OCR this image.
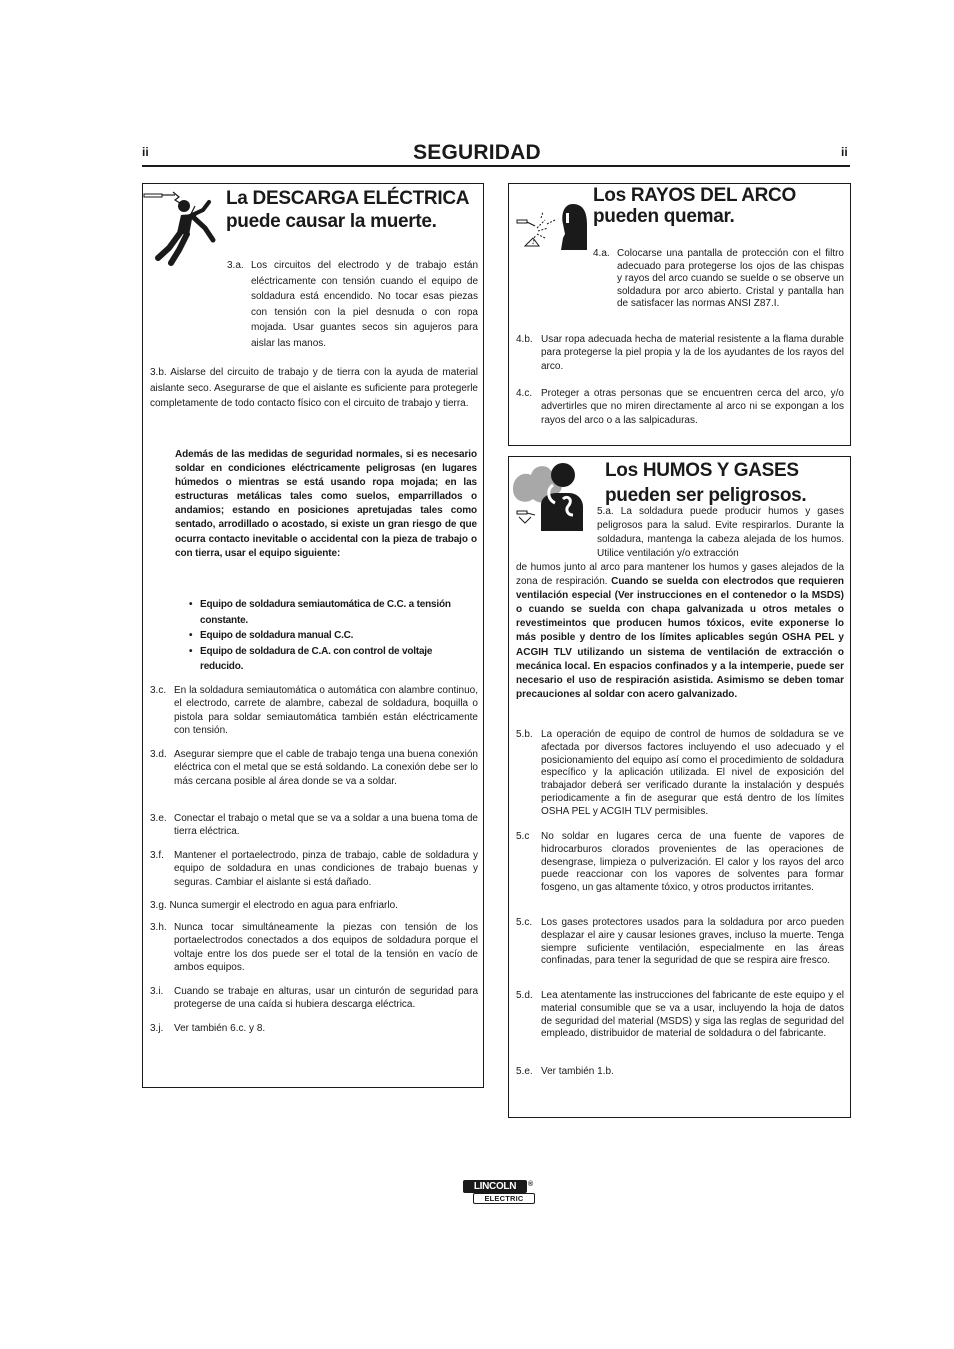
ii	ii
SEGURIDAD
La DESCARGA ELÉCTRICA
puede causar la muerte.
3.a. Los circuitos del electrodo y de trabajo están eléctricamente con tensión cuando el equipo de soldadura está encendido. No tocar esas piezas con tensión con la piel desnuda o con ropa mojada. Usar guantes secos sin agujeros para aislar las manos.
3.b. Aislarse del circuito de trabajo y de tierra con la ayuda de material aislante seco. Asegurarse de que el aislante es suficiente para protegerle completamente de todo contacto físico con el circuito de trabajo y tierra.
Además de las medidas de seguridad normales, si es necesario soldar en condiciones eléctricamente peligrosas (en lugares húmedos o mientras se está usando ropa mojada; en las estructuras metálicas tales como suelos, emparrillados o andamios; estando en posiciones apretujadas tales como sentado, arrodillado o acostado, si existe un gran riesgo de que ocurra contacto inevitable o accidental con la pieza de trabajo o con tierra, usar el equipo siguiente:
• Equipo de soldadura semiautomática de C.C. a tensión constante.
• Equipo de soldadura manual C.C.
• Equipo de soldadura de C.A. con control de voltaje reducido.
3.c. En la soldadura semiautomática o automática con alambre continuo, el electrodo, carrete de alambre, cabezal de soldadura, boquilla o pistola para soldar semiautomática también están eléctricamente con tensión.
3.d. Asegurar siempre que el cable de trabajo tenga una buena conexión eléctrica con el metal que se está soldando. La conexión debe ser lo más cercana posible al área donde se va a soldar.
3.e. Conectar el trabajo o metal que se va a soldar a una buena toma de tierra eléctrica.
3.f. Mantener el portaelectrodo, pinza de trabajo, cable de soldadura y equipo de soldadura en unas condiciones de trabajo buenas y seguras. Cambiar el aislante si está dañado.
3.g. Nunca sumergir el electrodo en agua para enfriarlo.
3.h. Nunca tocar simultáneamente la piezas con tensión de los portaelectrodos conectados a dos equipos de soldadura porque el voltaje entre los dos puede ser el total de la tensión en vacío de ambos equipos.
3.i. Cuando se trabaje en alturas, usar un cinturón de seguridad para protegerse de una caída si hubiera descarga eléctrica.
3.j. Ver también 6.c. y 8.
Los RAYOS DEL ARCO
pueden quemar.
4.a. Colocarse una pantalla de protección con el filtro adecuado para protegerse los ojos de las chispas y rayos del arco cuando se suelde o se observe un soldadura por arco abierto. Cristal y pantalla han de satisfacer las normas ANSI Z87.I.
4.b. Usar ropa adecuada hecha de material resistente a la flama durable para protegerse la piel propia y la de los ayudantes de los rayos del arco.
4.c. Proteger a otras personas que se encuentren cerca del arco, y/o advertirles que no miren directamente al arco ni se expongan a los rayos del arco o a las salpicaduras.
Los HUMOS Y GASES
pueden ser peligrosos.
5.a. La soldadura puede producir humos y gases peligrosos para la salud. Evite respirarlos. Durante la soldadura, mantenga la cabeza alejada de los humos. Utilice ventilación y/o extracción
de humos junto al arco para mantener los humos y gases alejados de la zona de respiración. Cuando se suelda con electrodos que requieren ventilación especial (Ver instrucciones en el contenedor o la MSDS) o cuando se suelda con chapa galvanizada u otros metales o revestimeintos que producen humos tóxicos, evite exponerse lo más posible y dentro de los límites aplicables según OSHA PEL y ACGIH TLV utilizando un sistema de ventilación de extracción o mecánica local. En espacios confinados y a la intemperie, puede ser necesario el uso de respiración asistida. Asimismo se deben tomar precauciones al soldar con acero galvanizado.
5.b. La operación de equipo de control de humos de soldadura se ve afectada por diversos factores incluyendo el uso adecuado y el posicionamiento del equipo así como el procedimiento de soldadura específico y la aplicación utilizada. El nivel de exposición del trabajador deberá ser verificado durante la instalación y después periodicamente a fin de asegurar que está dentro de los límites OSHA PEL y ACGIH TLV permisibles.
5.c No soldar en lugares cerca de una fuente de vapores de hidrocarburos clorados provenientes de las operaciones de desengrase, limpieza o pulverización. El calor y los rayos del arco puede reaccionar con los vapores de solventes para formar fosgeno, un gas altamente tóxico, y otros productos irritantes.
5.c. Los gases protectores usados para la soldadura por arco pueden desplazar el aire y causar lesiones graves, incluso la muerte. Tenga siempre suficiente ventilación, especialmente en las áreas confinadas, para tener la seguridad de que se respira aire fresco.
5.d. Lea atentamente las instrucciones del fabricante de este equipo y el material consumible que se va a usar, incluyendo la hoja de datos de seguridad del material (MSDS) y siga las reglas de seguridad del empleado, distribuidor de material de soldadura o del fabricante.
5.e. Ver también 1.b.
LINCOLN	®
ELECTRIC
